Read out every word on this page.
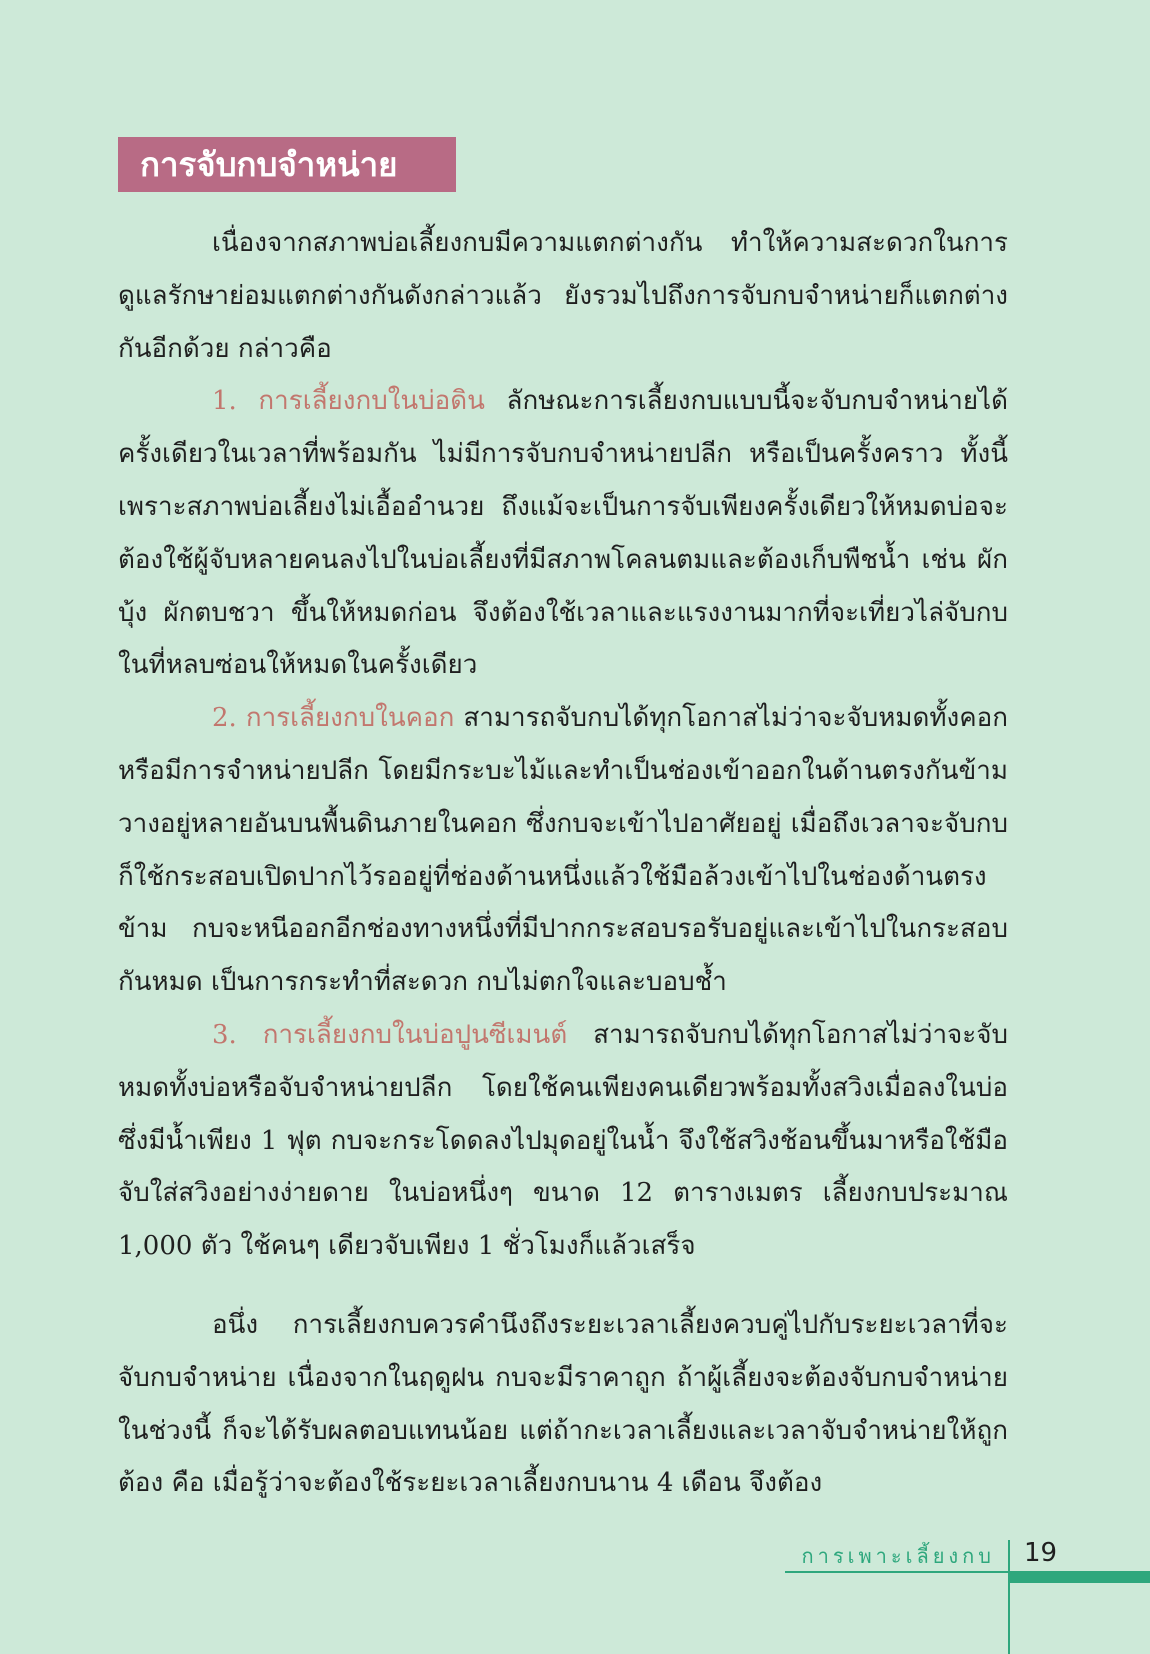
การจับกบจำหน่าย

เนื่องจากสภาพบ่อเลี้ยงกบมีความแตกต่างกัน ทำให้ความสะดวกในการดูแลรักษาย่อมแตกต่างกันดังกล่าวแล้ว ยังรวมไปถึงการจับกบจำหน่ายก็แตกต่างกันอีกด้วย กล่าวคือ

1. การเลี้ยงกบในบ่อดิน ลักษณะการเลี้ยงกบแบบนี้จะจับกบจำหน่ายได้ครั้งเดียวในเวลาที่พร้อมกัน ไม่มีการจับกบจำหน่ายปลีก หรือเป็นครั้งคราว ทั้งนี้เพราะสภาพบ่อเลี้ยงไม่เอื้ออำนวย ถึงแม้จะเป็นการจับเพียงครั้งเดียวให้หมดบ่อจะต้องใช้ผู้จับหลายคนลงไปในบ่อเลี้ยงที่มีสภาพโคลนตมและต้องเก็บพืชน้ำ เช่น ผักบุ้ง ผักตบชวา ขึ้นให้หมดก่อน จึงต้องใช้เวลาและแรงงานมากที่จะเที่ยวไล่จับกบในที่หลบซ่อนให้หมดในครั้งเดียว

2. การเลี้ยงกบในคอก สามารถจับกบได้ทุกโอกาสไม่ว่าจะจับหมดทั้งคอกหรือมีการจำหน่ายปลีก โดยมีกระบะไม้และทำเป็นช่องเข้าออกในด้านตรงกันข้ามวางอยู่หลายอันบนพื้นดินภายในคอก ซึ่งกบจะเข้าไปอาศัยอยู่ เมื่อถึงเวลาจะจับกบ ก็ใช้กระสอบเปิดปากไว้รออยู่ที่ช่องด้านหนึ่งแล้วใช้มือล้วงเข้าไปในช่องด้านตรงข้าม กบจะหนีออกอีกช่องทางหนึ่งที่มีปากกระสอบรอรับอยู่และเข้าไปในกระสอบกันหมด เป็นการกระทำที่สะดวก กบไม่ตกใจและบอบช้ำ

3. การเลี้ยงกบในบ่อปูนซีเมนต์ สามารถจับกบได้ทุกโอกาสไม่ว่าจะจับหมดทั้งบ่อหรือจับจำหน่ายปลีก โดยใช้คนเพียงคนเดียวพร้อมทั้งสวิงเมื่อลงในบ่อซึ่งมีน้ำเพียง 1 ฟุต กบจะกระโดดลงไปมุดอยู่ในน้ำ จึงใช้สวิงช้อนขึ้นมาหรือใช้มือจับใส่สวิงอย่างง่ายดาย ในบ่อหนึ่งๆ ขนาด 12 ตารางเมตร เลี้ยงกบประมาณ 1,000 ตัว ใช้คนๆ เดียวจับเพียง 1 ชั่วโมงก็แล้วเสร็จ

อนึ่ง การเลี้ยงกบควรคำนึงถึงระยะเวลาเลี้ยงควบคู่ไปกับระยะเวลาที่จะจับกบจำหน่าย เนื่องจากในฤดูฝน กบจะมีราคาถูก ถ้าผู้เลี้ยงจะต้องจับกบจำหน่ายในช่วงนี้ ก็จะได้รับผลตอบแทนน้อย แต่ถ้ากะเวลาเลี้ยงและเวลาจับจำหน่ายให้ถูกต้อง คือ เมื่อรู้ว่าจะต้องใช้ระยะเวลาเลี้ยงกบนาน 4 เดือน จึงต้อง

การเพาะเลี้ยงกบ 19
